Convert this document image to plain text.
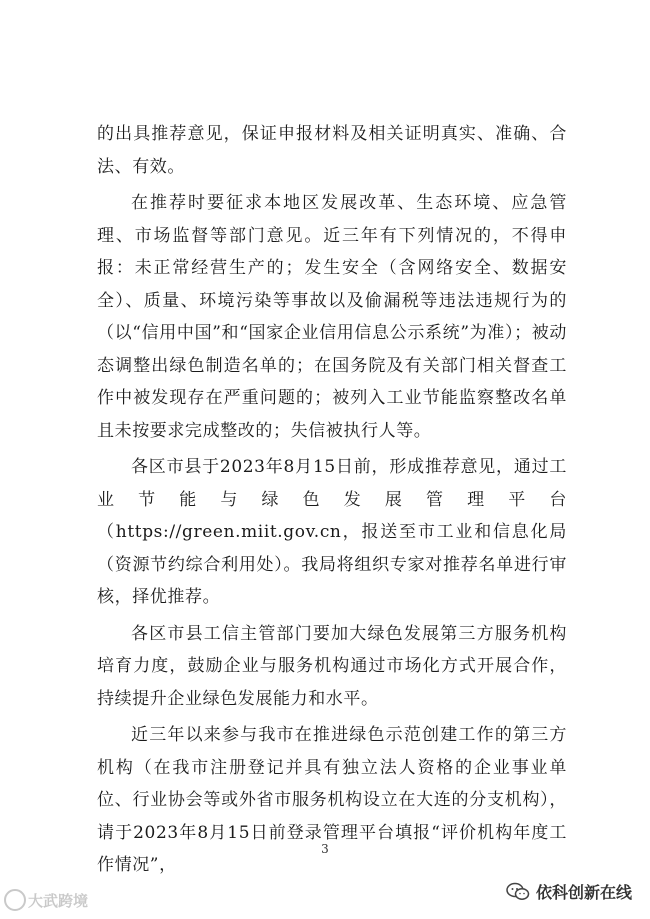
的出具推荐意见，保证申报材料及相关证明真实、准确、合法、有效。

在推荐时要征求本地区发展改革、生态环境、应急管理、市场监督等部门意见。近三年有下列情况的，不得申报：未正常经营生产的；发生安全（含网络安全、数据安全）、质量、环境污染等事故以及偷漏税等违法违规行为的（以“信用中国”和“国家企业信用信息公示系统”为准）；被动态调整出绿色制造名单的；在国务院及有关部门相关督查工作中被发现存在严重问题的；被列入工业节能监察整改名单且未按要求完成整改的；失信被执行人等。

各区市县于2023年8月15日前，形成推荐意见，通过工业节能与绿色发展管理平台（https://green.miit.gov.cn，报送至市工业和信息化局（资源节约综合利用处）。我局将组织专家对推荐名单进行审核，择优推荐。

各区市县工信主管部门要加大绿色发展第三方服务机构培育力度，鼓励企业与服务机构通过市场化方式开展合作，持续提升企业绿色发展能力和水平。

近三年以来参与我市在推进绿色示范创建工作的第三方机构（在我市注册登记并具有独立法人资格的企业事业单位、行业协会等或外省市服务机构设立在大连的分支机构），请于2023年8月15日前登录管理平台填报“评价机构年度工作情况”，

3
大武跨境	依科创新在线
